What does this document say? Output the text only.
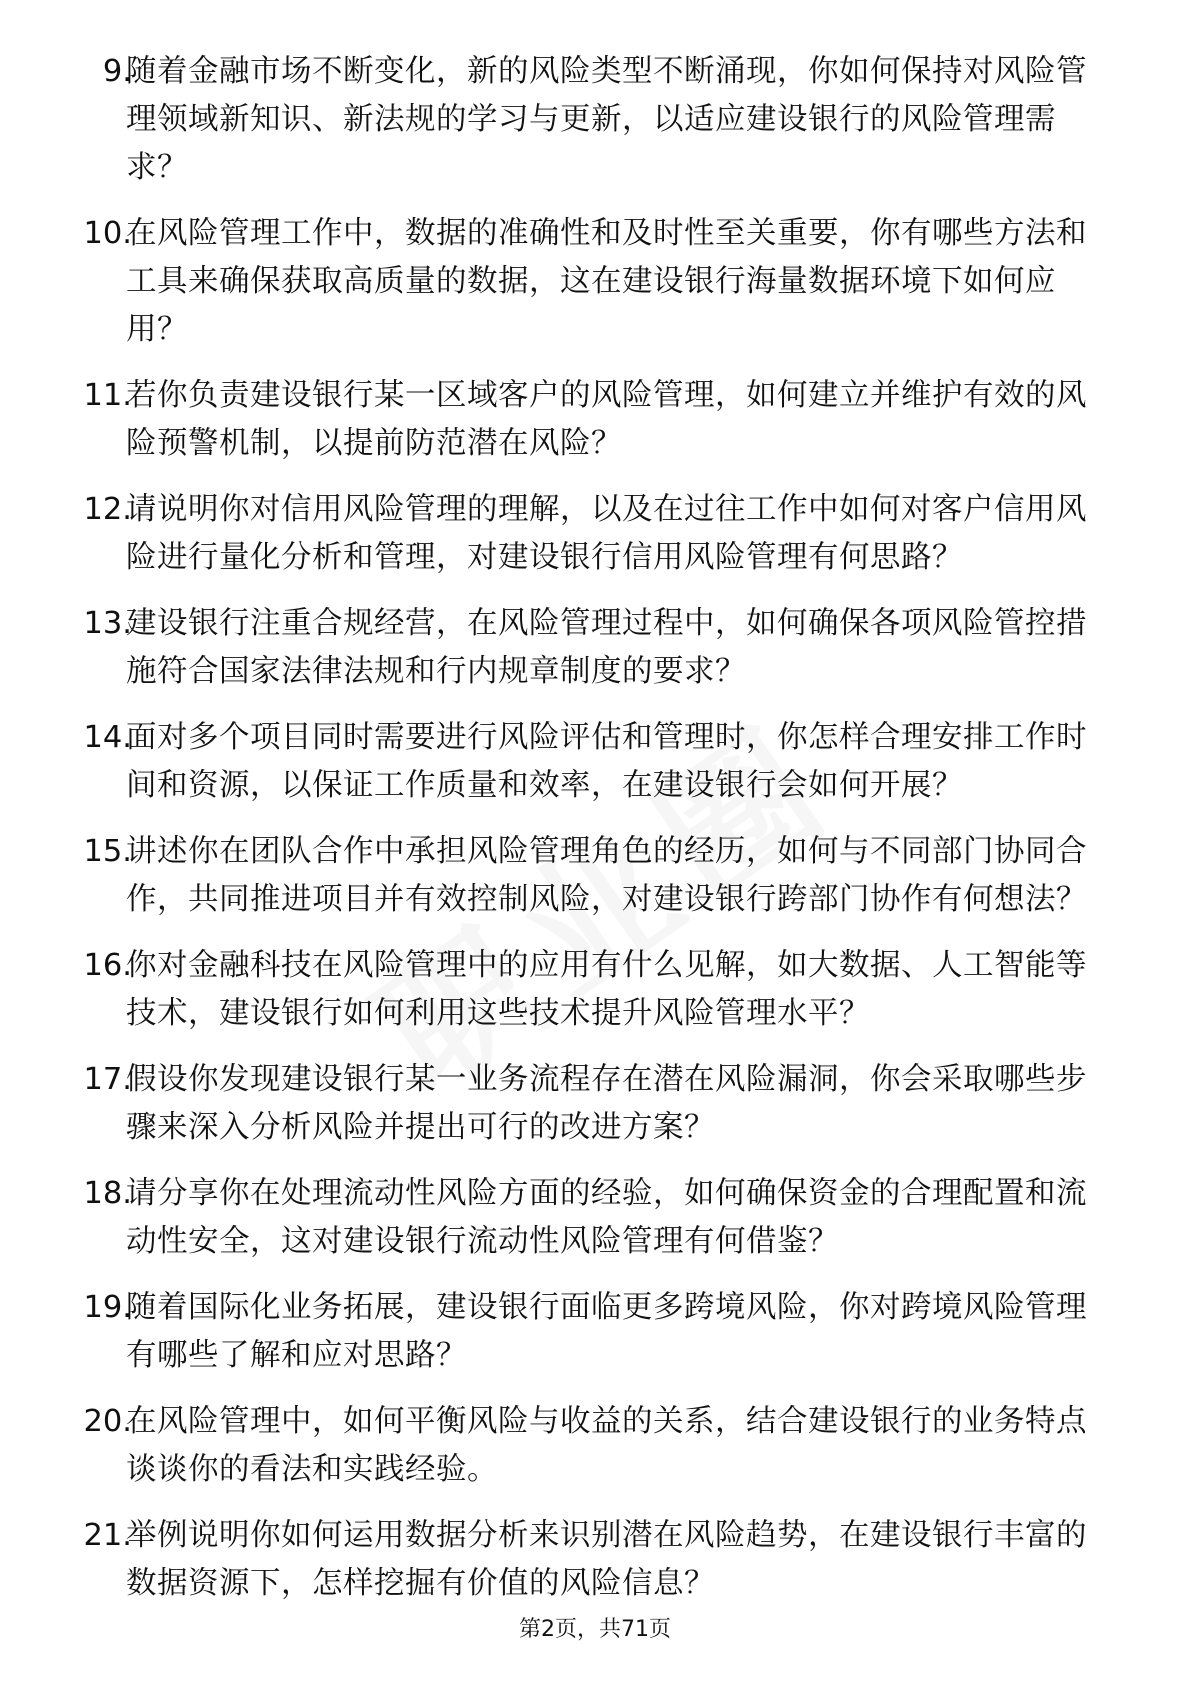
9.
随着金融市场不断变化，新的风险类型不断涌现，你如何保持对风险管理领域新知识、新法规的学习与更新，以适应建设银行的风险管理需求？
10.
在风险管理工作中，数据的准确性和及时性至关重要，你有哪些方法和工具来确保获取高质量的数据，这在建设银行海量数据环境下如何应用？
11.
若你负责建设银行某一区域客户的风险管理，如何建立并维护有效的风险预警机制，以提前防范潜在风险？
12.
请说明你对信用风险管理的理解，以及在过往工作中如何对客户信用风险进行量化分析和管理，对建设银行信用风险管理有何思路？
13.
建设银行注重合规经营，在风险管理过程中，如何确保各项风险管控措施符合国家法律法规和行内规章制度的要求？
14.
面对多个项目同时需要进行风险评估和管理时，你怎样合理安排工作时间和资源，以保证工作质量和效率，在建设银行会如何开展？
15.
讲述你在团队合作中承担风险管理角色的经历，如何与不同部门协同合作，共同推进项目并有效控制风险，对建设银行跨部门协作有何想法？
16.
你对金融科技在风险管理中的应用有什么见解，如大数据、人工智能等技术，建设银行如何利用这些技术提升风险管理水平？
17.
假设你发现建设银行某一业务流程存在潜在风险漏洞，你会采取哪些步骤来深入分析风险并提出可行的改进方案？
18.
请分享你在处理流动性风险方面的经验，如何确保资金的合理配置和流动性安全，这对建设银行流动性风险管理有何借鉴？
19.
随着国际化业务拓展，建设银行面临更多跨境风险，你对跨境风险管理有哪些了解和应对思路？
20.
在风险管理中，如何平衡风险与收益的关系，结合建设银行的业务特点谈谈你的看法和实践经验。
21.
举例说明你如何运用数据分析来识别潜在风险趋势，在建设银行丰富的数据资源下，怎样挖掘有价值的风险信息？
第2页，共71页
